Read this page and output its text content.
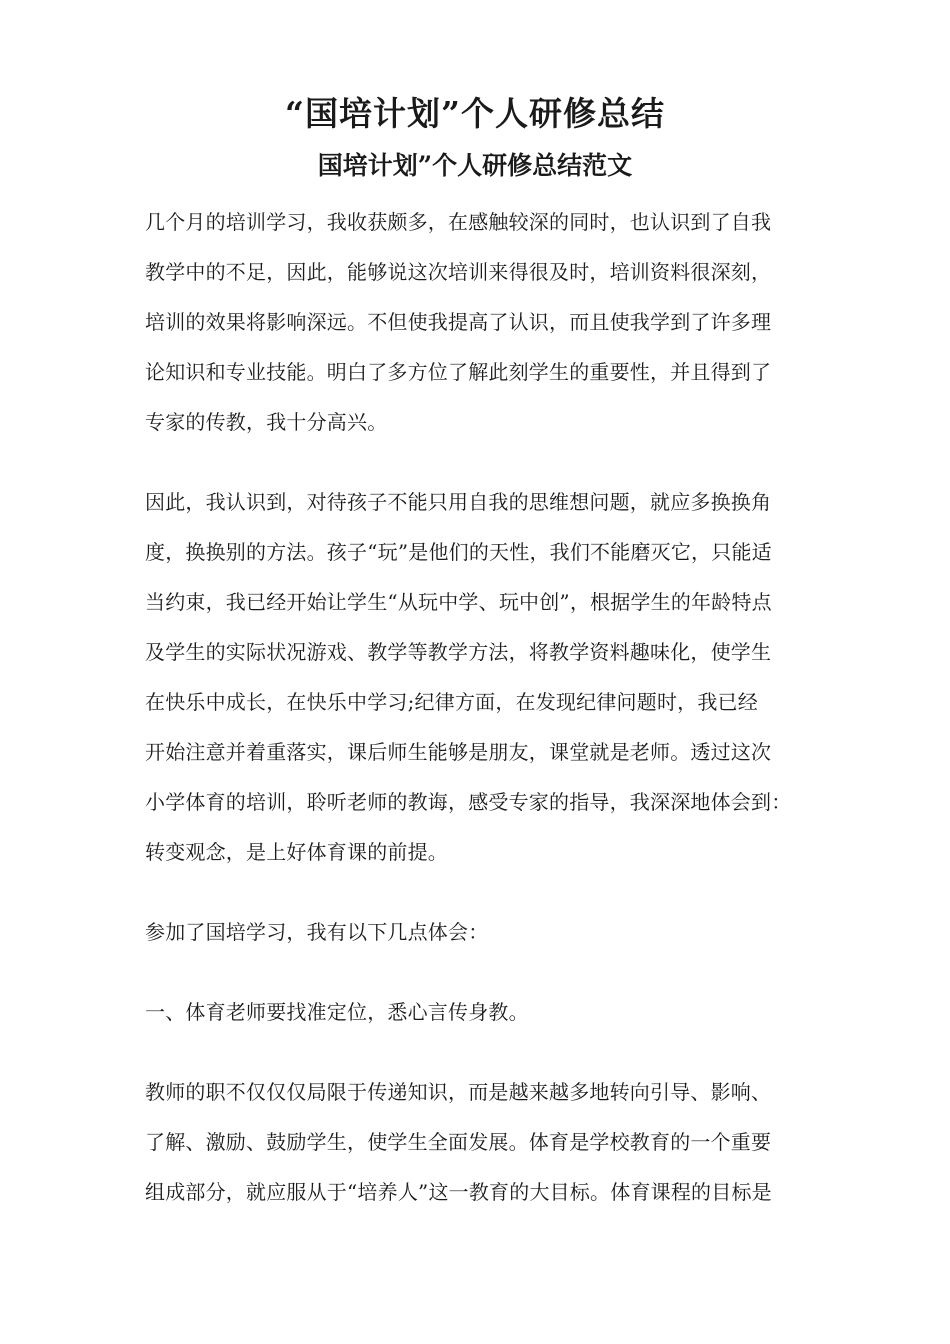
“国培计划”个人研修总结
国培计划”个人研修总结范文

几个月的培训学习，我收获颇多，在感触较深的同时，也认识到了自我
教学中的不足，因此，能够说这次培训来得很及时，培训资料很深刻，
培训的效果将影响深远。不但使我提高了认识，而且使我学到了许多理
论知识和专业技能。明白了多方位了解此刻学生的重要性，并且得到了
专家的传教，我十分高兴。

因此，我认识到，对待孩子不能只用自我的思维想问题，就应多换换角
度，换换别的方法。孩子“玩”是他们的天性，我们不能磨灭它，只能适
当约束，我已经开始让学生“从玩中学、玩中创”，根据学生的年龄特点
及学生的实际状况游戏、教学等教学方法，将教学资料趣味化，使学生
在快乐中成长，在快乐中学习;纪律方面，在发现纪律问题时，我已经
开始注意并着重落实，课后师生能够是朋友，课堂就是老师。透过这次
小学体育的培训，聆听老师的教诲，感受专家的指导，我深深地体会到：
转变观念，是上好体育课的前提。

参加了国培学习，我有以下几点体会：

一、体育老师要找准定位，悉心言传身教。

教师的职不仅仅仅局限于传递知识，而是越来越多地转向引导、影响、
了解、激励、鼓励学生，使学生全面发展。体育是学校教育的一个重要
组成部分，就应服从于“培养人”这一教育的大目标。体育课程的目标是
